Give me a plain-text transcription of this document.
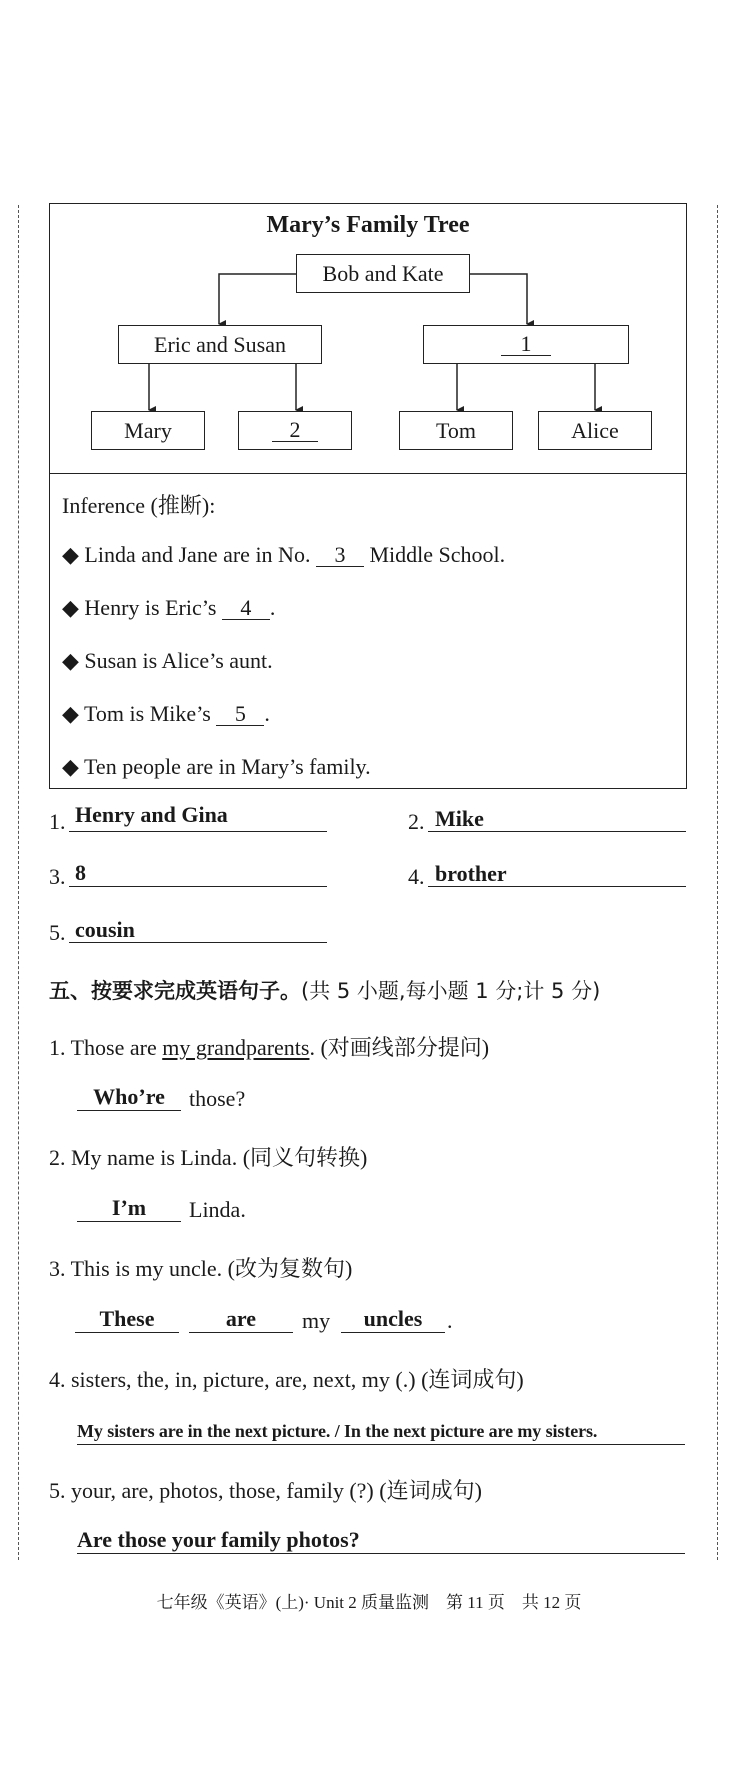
Mary’s Family Tree
Bob and Kate
Eric and Susan	1
Mary	2	Tom	Alice
Inference (推断):
◆ Linda and Jane are in No. 3 Middle School.
◆ Henry is Eric’s 4 .
◆ Susan is Alice’s aunt.
◆ Tom is Mike’s 5 .
◆ Ten people are in Mary’s family.
1. Henry and Gina	2. Mike
3. 8	4. brother
5. cousin
五、按要求完成英语句子。(共 5 小题,每小题 1 分;计 5 分)
1. Those are my grandparents. (对画线部分提问)
Who’re	those?
2. My name is Linda. (同义句转换)
I’m	Linda.
3. This is my uncle. (改为复数句)
These	are	my	uncles	.
4. sisters, the, in, picture, are, next, my (.) (连词成句)
My sisters are in the next picture. / In the next picture are my sisters.
5. your, are, photos, those, family (?) (连词成句)
Are those your family photos?
七年级《英语》(上)· Unit 2 质量监测　第 11 页　共 12 页
